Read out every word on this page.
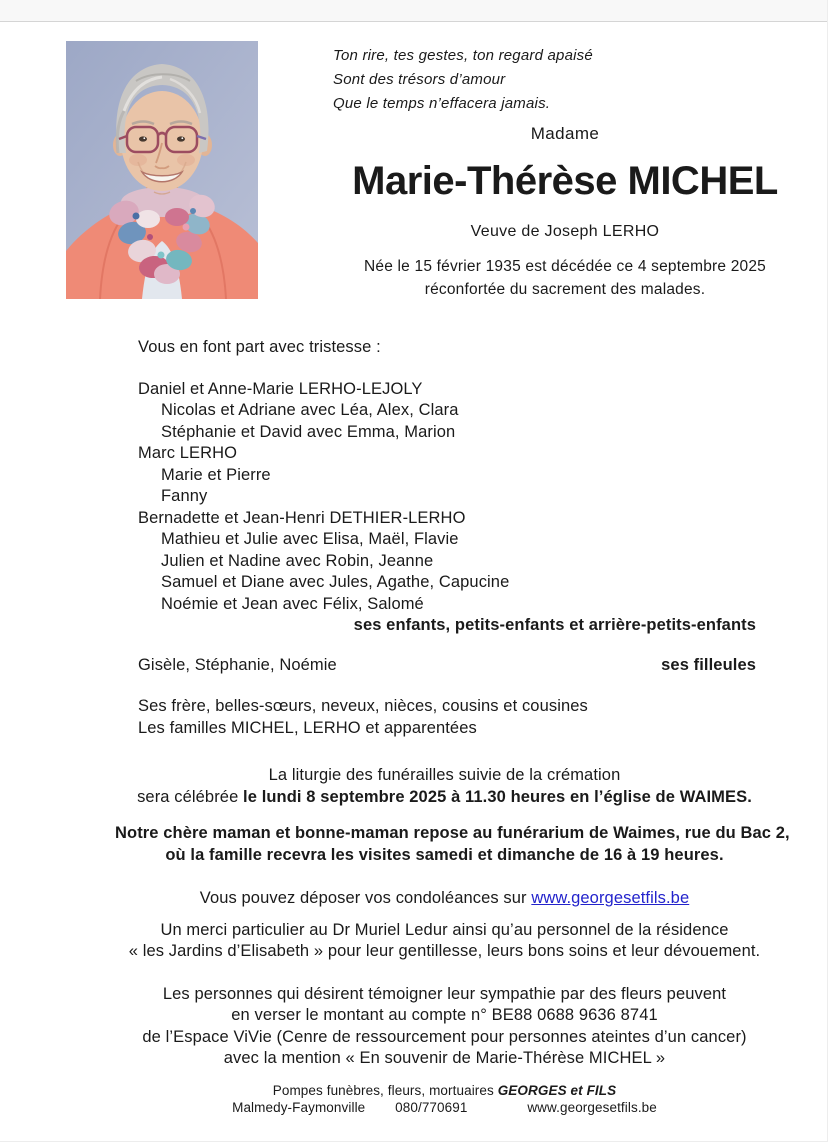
Ton rire, tes gestes, ton regard apaisé
Sont des trésors d’amour
Que le temps n’effacera jamais.
Madame
Marie-Thérèse MICHEL
Veuve de Joseph LERHO
Née le 15 février 1935 est décédée ce 4 septembre 2025
réconfortée du sacrement des malades.

Vous en font part avec tristesse :

Daniel et Anne-Marie LERHO-LEJOLY
Nicolas et Adriane avec Léa, Alex, Clara
Stéphanie et David avec Emma, Marion
Marc LERHO
Marie et Pierre
Fanny
Bernadette et Jean-Henri DETHIER-LERHO
Mathieu et Julie avec Elisa, Maël, Flavie
Julien et Nadine avec Robin, Jeanne
Samuel et Diane avec Jules, Agathe, Capucine
Noémie et Jean avec Félix, Salomé
ses enfants, petits-enfants et arrière-petits-enfants
Gisèle, Stéphanie, Noémie	ses filleules
Ses frère, belles-sœurs, neveux, nièces, cousins et cousines
Les familles MICHEL, LERHO et apparentées
La liturgie des funérailles suivie de la crémation
sera célébrée le lundi 8 septembre 2025 à 11.30 heures en l’église de WAIMES.
Notre chère maman et bonne-maman repose au funérarium de Waimes, rue du Bac 2,
où la famille recevra les visites samedi et dimanche de 16 à 19 heures.
Vous pouvez déposer vos condoléances sur www.georgesetfils.be
Un merci particulier au Dr Muriel Ledur ainsi qu’au personnel de la résidence
« les Jardins d’Elisabeth » pour leur gentillesse, leurs bons soins et leur dévouement.
Les personnes qui désirent témoigner leur sympathie par des fleurs peuvent
en verser le montant au compte n° BE88 0688 9636 8741
de l’Espace ViVie (Cenre de ressourcement pour personnes ateintes d’un cancer)
avec la mention « En souvenir de Marie-Thérèse MICHEL »
Pompes funèbres, fleurs, mortuaires GEORGES et FILS
Malmedy-Faymonville 080/770691	www.georgesetfils.be
